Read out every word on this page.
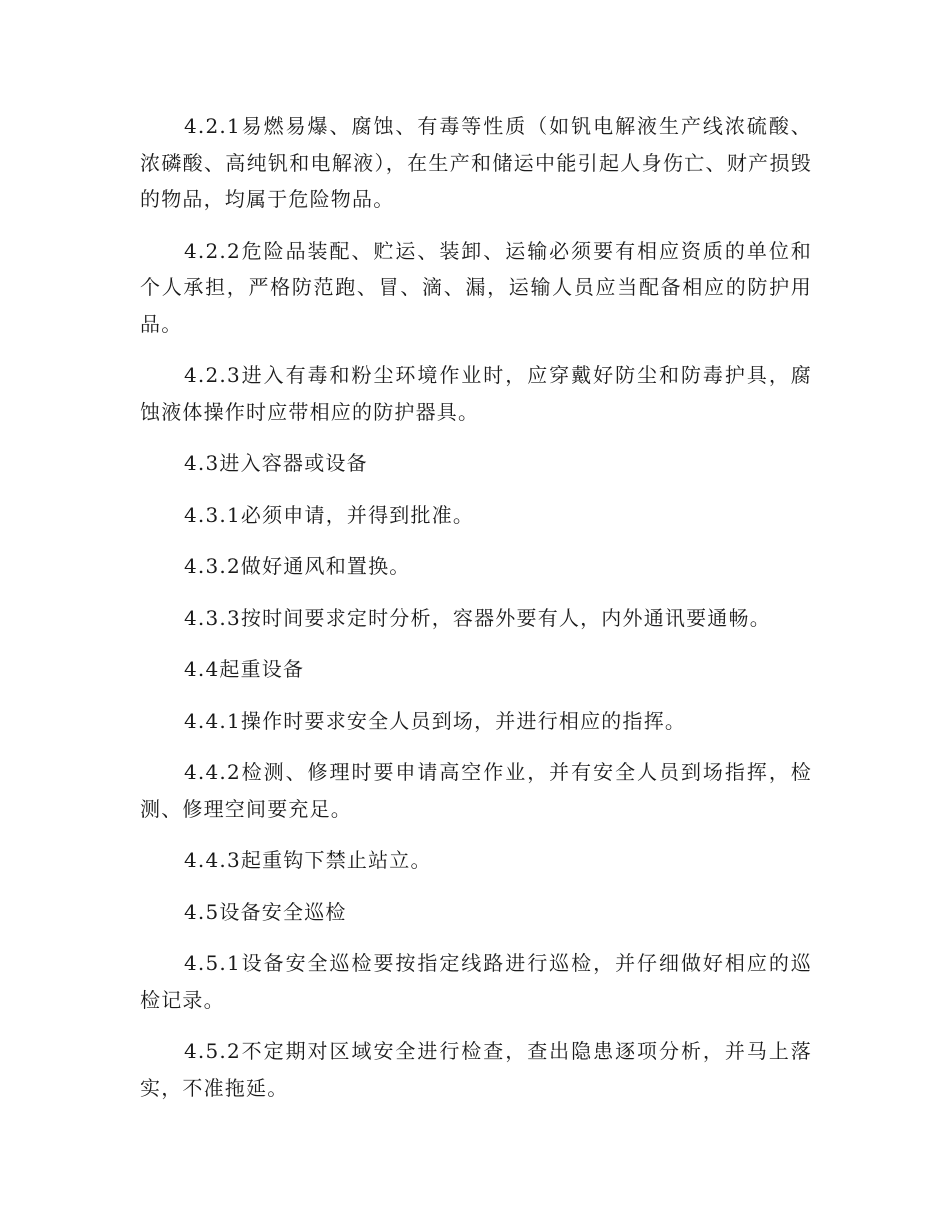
4.2.1易燃易爆、腐蚀、有毒等性质（如钒电解液生产线浓硫酸、浓磷酸、高纯钒和电解液），在生产和储运中能引起人身伤亡、财产损毁的物品，均属于危险物品。

4.2.2危险品装配、贮运、装卸、运输必须要有相应资质的单位和个人承担，严格防范跑、冒、滴、漏，运输人员应当配备相应的防护用品。

4.2.3进入有毒和粉尘环境作业时，应穿戴好防尘和防毒护具，腐蚀液体操作时应带相应的防护器具。

4.3进入容器或设备

4.3.1必须申请，并得到批准。

4.3.2做好通风和置换。

4.3.3按时间要求定时分析，容器外要有人，内外通讯要通畅。

4.4起重设备

4.4.1操作时要求安全人员到场，并进行相应的指挥。

4.4.2检测、修理时要申请高空作业，并有安全人员到场指挥，检测、修理空间要充足。

4.4.3起重钩下禁止站立。

4.5设备安全巡检

4.5.1设备安全巡检要按指定线路进行巡检，并仔细做好相应的巡检记录。

4.5.2不定期对区域安全进行检查，查出隐患逐项分析，并马上落实，不准拖延。
